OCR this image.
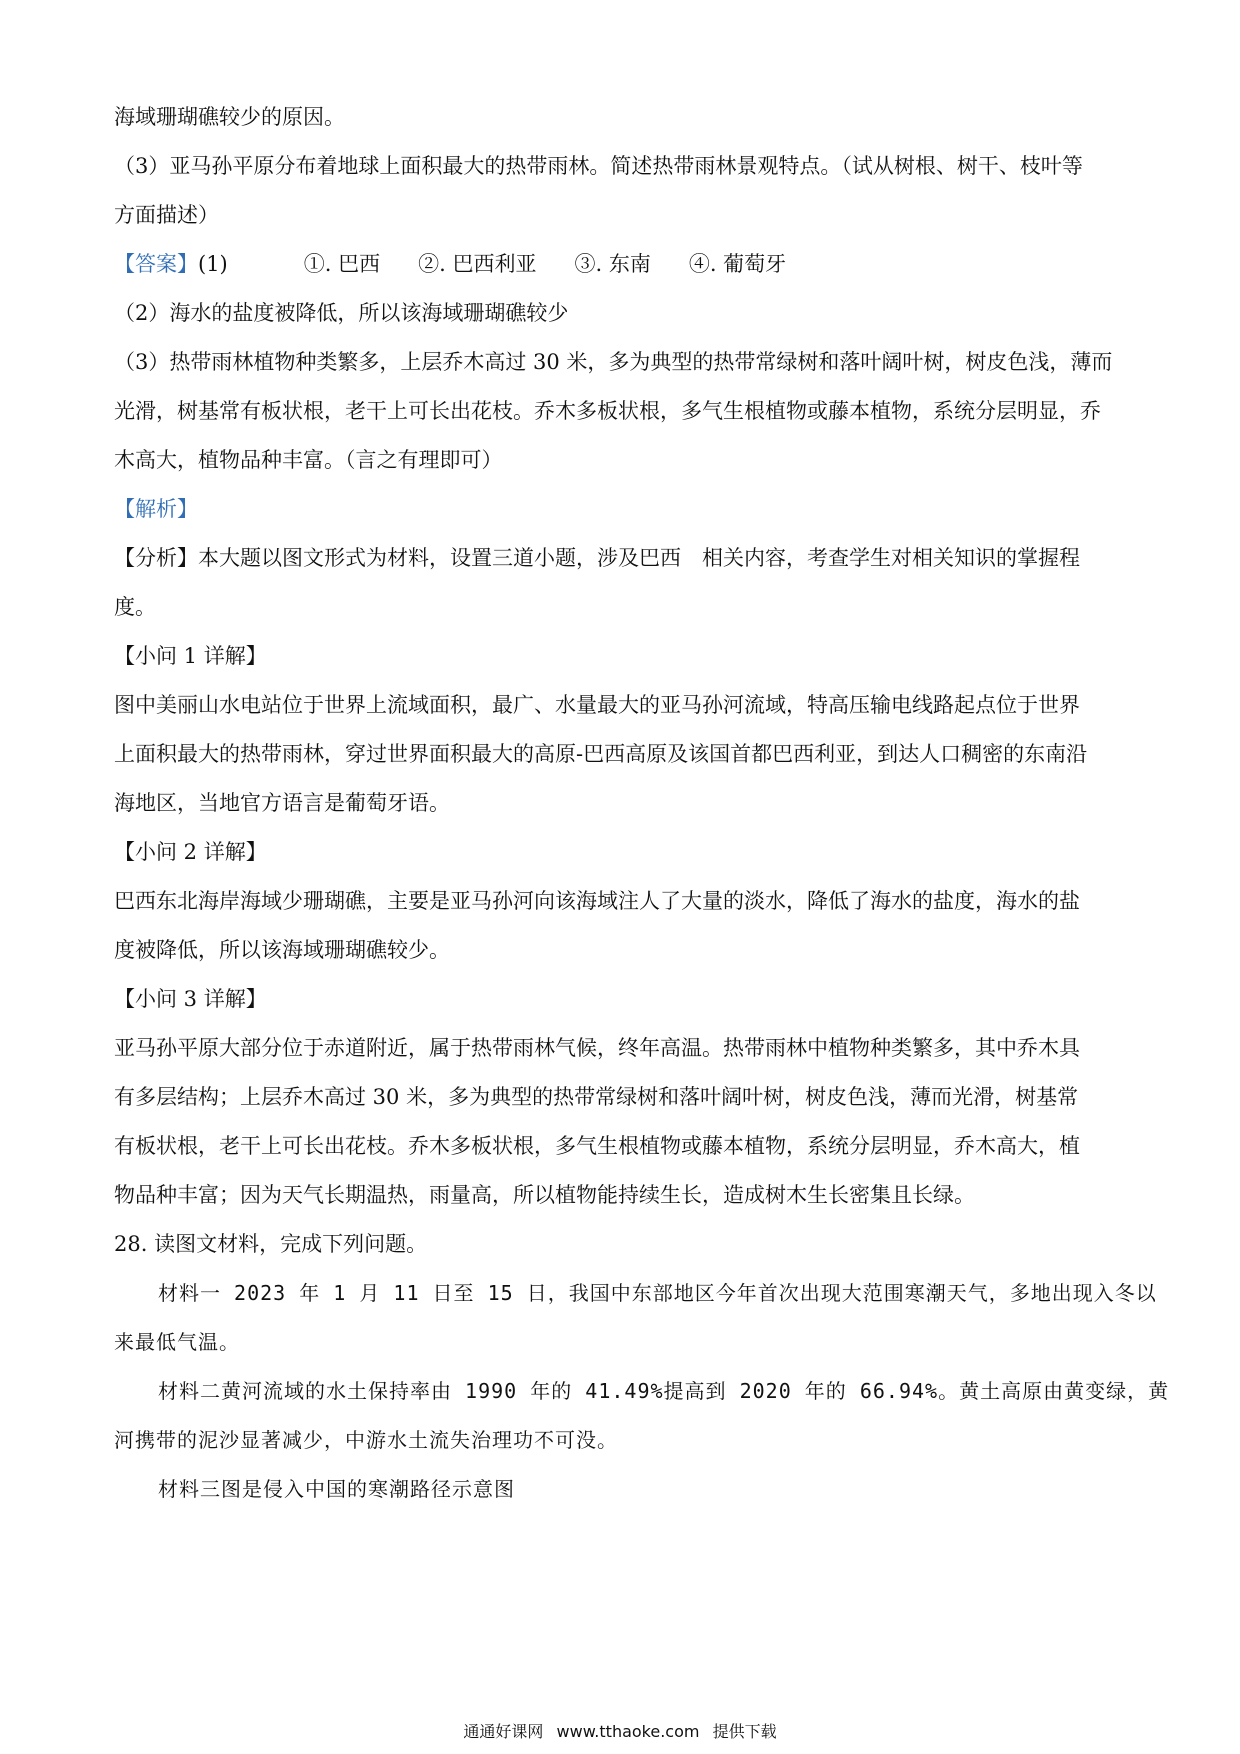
海域珊瑚礁较少的原因。
（3）亚马孙平原分布着地球上面积最大的热带雨林。简述热带雨林景观特点。（试从树根、树干、枝叶等
方面描述）
【答案】(1)	①. 巴西 ②. 巴西利亚 ③. 东南 ④. 葡萄牙
（2）海水的盐度被降低，所以该海域珊瑚礁较少
（3）热带雨林植物种类繁多，上层乔木高过 30 米，多为典型的热带常绿树和落叶阔叶树，树皮色浅，薄而
光滑，树基常有板状根，老干上可长出花枝。乔木多板状根，多气生根植物或藤本植物，系统分层明显，乔
木高大，植物品种丰富。（言之有理即可）
【解析】
【分析】本大题以图文形式为材料，设置三道小题，涉及巴西　相关内容，考查学生对相关知识的掌握程
度。
【小问 1 详解】
图中美丽山水电站位于世界上流域面积，最广、水量最大的亚马孙河流域，特高压输电线路起点位于世界
上面积最大的热带雨林，穿过世界面积最大的高原-巴西高原及该国首都巴西利亚，到达人口稠密的东南沿
海地区，当地官方语言是葡萄牙语。
【小问 2 详解】
巴西东北海岸海域少珊瑚礁，主要是亚马孙河向该海域注人了大量的淡水，降低了海水的盐度，海水的盐
度被降低，所以该海域珊瑚礁较少。
【小问 3 详解】
亚马孙平原大部分位于赤道附近，属于热带雨林气候，终年高温。热带雨林中植物种类繁多，其中乔木具
有多层结构；上层乔木高过 30 米，多为典型的热带常绿树和落叶阔叶树，树皮色浅，薄而光滑，树基常
有板状根，老干上可长出花枝。乔木多板状根，多气生根植物或藤本植物，系统分层明显，乔木高大，植
物品种丰富；因为天气长期温热，雨量高，所以植物能持续生长，造成树木生长密集且长绿。
28. 读图文材料，完成下列问题。
材料一 2023 年 1 月 11 日至 15 日，我国中东部地区今年首次出现大范围寒潮天气，多地出现入冬以
来最低气温。
材料二黄河流域的水土保持率由 1990 年的 41.49%提高到 2020 年的 66.94%。黄土高原由黄变绿，黄
河携带的泥沙显著减少，中游水土流失治理功不可没。
材料三图是侵入中国的寒潮路径示意图
通通好课网 www.tthaoke.com 提供下载
